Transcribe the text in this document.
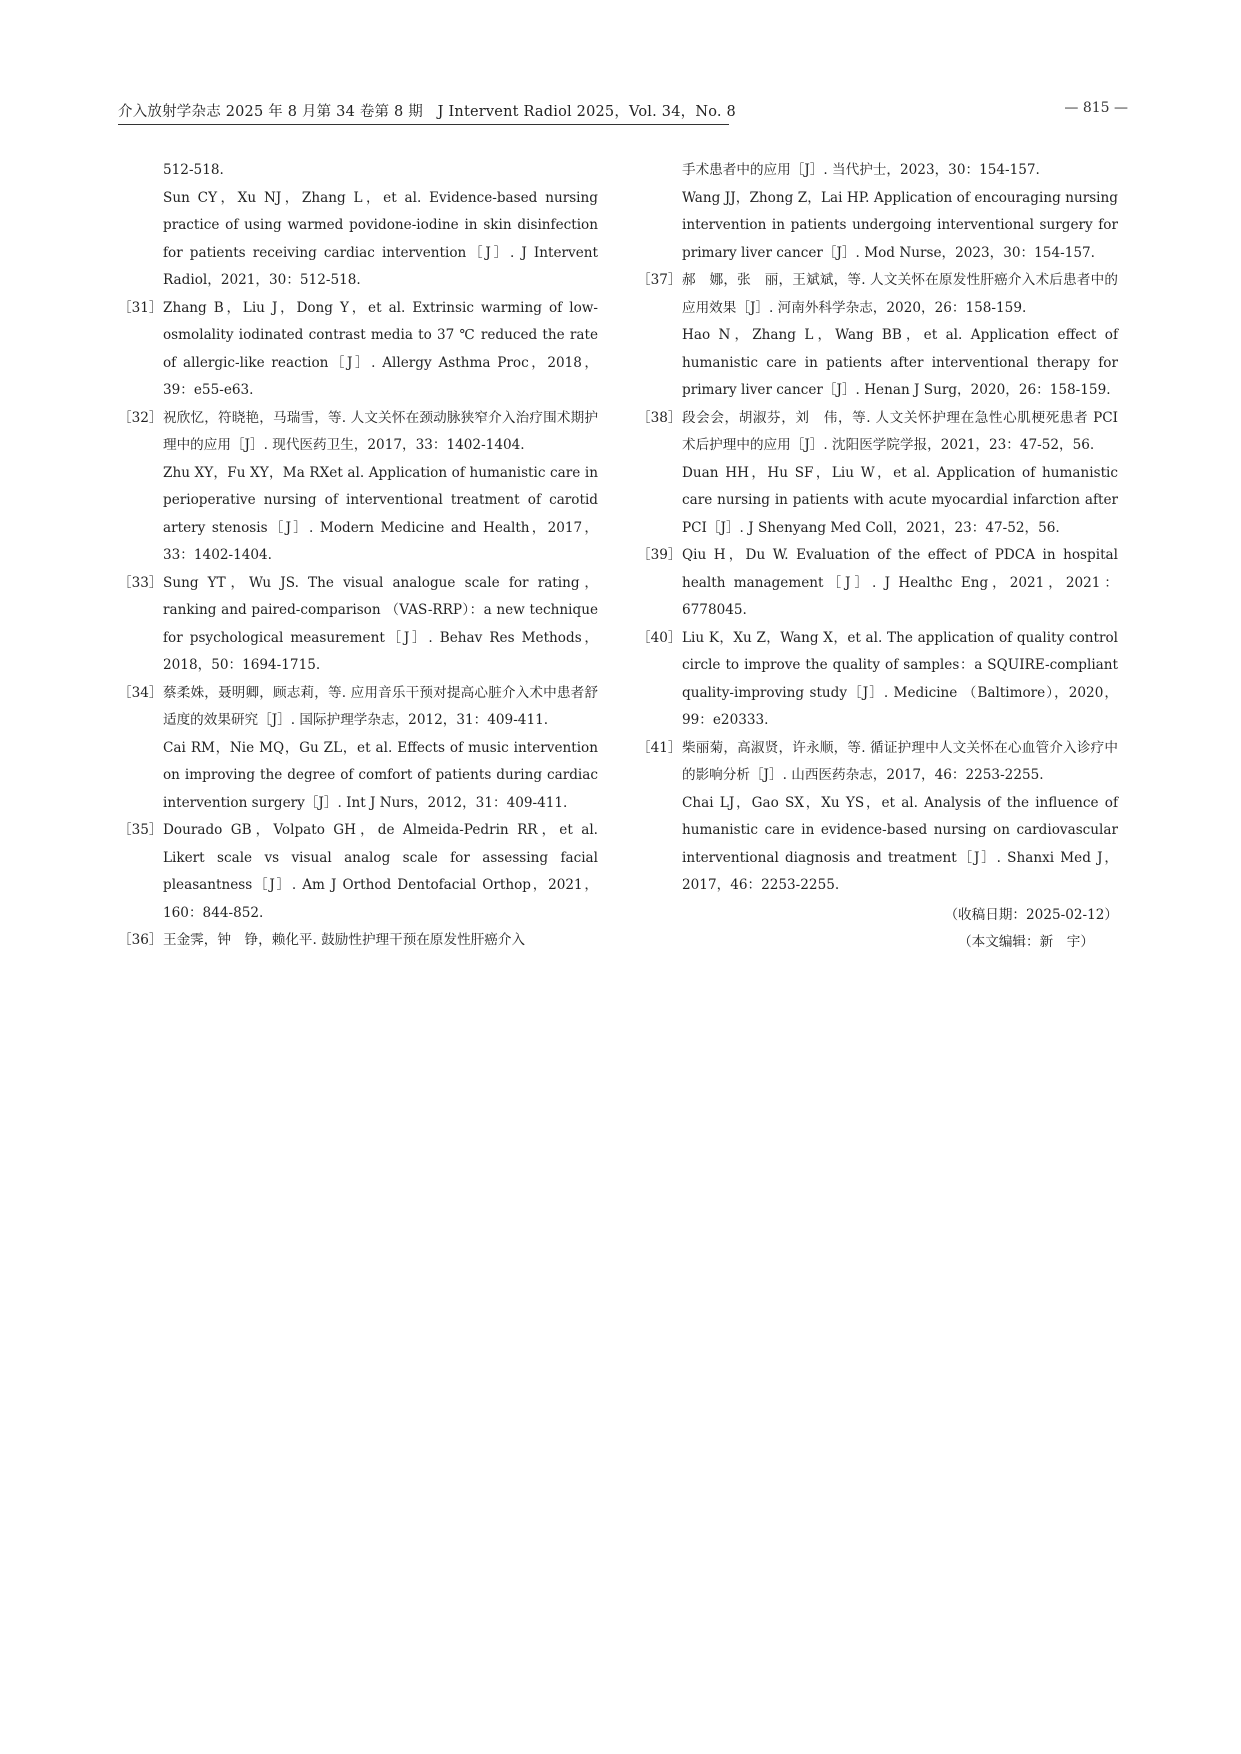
介入放射学杂志 2025 年 8 月第 34 卷第 8 期　J Intervent Radiol 2025，Vol. 34，No. 8	— 815 —

512-518.

Sun CY，Xu NJ，Zhang L，et al. Evidence-based nursing practice of using warmed povidone-iodine in skin disinfection for patients receiving cardiac intervention［J］. J Intervent Radiol，2021，30：512-518.

［31］ Zhang B，Liu J，Dong Y，et al. Extrinsic warming of low-osmolality iodinated contrast media to 37 ℃ reduced the rate of allergic-like reaction［J］. Allergy Asthma Proc，2018，39：e55-e63.

［32］ 祝欣忆，符晓艳，马瑞雪，等. 人文关怀在颈动脉狭窄介入治疗围术期护理中的应用［J］. 现代医药卫生，2017，33：1402-1404.

Zhu XY，Fu XY，Ma RXet al. Application of humanistic care in perioperative nursing of interventional treatment of carotid artery stenosis［J］. Modern Medicine and Health，2017，33：1402-1404.

［33］ Sung YT，Wu JS. The visual analogue scale for rating，ranking and paired-comparison （VAS-RRP）：a new technique for psychological measurement［J］. Behav Res Methods，2018，50：1694-1715.

［34］ 蔡柔姝，聂明卿，顾志莉，等. 应用音乐干预对提高心脏介入术中患者舒适度的效果研究［J］. 国际护理学杂志，2012，31：409-411.

Cai RM，Nie MQ，Gu ZL，et al. Effects of music intervention on improving the degree of comfort of patients during cardiac intervention surgery［J］. Int J Nurs，2012，31：409-411.

［35］ Dourado GB，Volpato GH，de Almeida-Pedrin RR，et al. Likert scale vs visual analog scale for assessing facial pleasantness［J］. Am J Orthod Dentofacial Orthop，2021，160：844-852.

［36］ 王金霁，钟　铮，赖化平. 鼓励性护理干预在原发性肝癌介入

手术患者中的应用［J］. 当代护士，2023，30：154-157.

Wang JJ，Zhong Z，Lai HP. Application of encouraging nursing intervention in patients undergoing interventional surgery for primary liver cancer［J］. Mod Nurse，2023，30：154-157.

［37］ 郝　娜，张　丽，王斌斌，等. 人文关怀在原发性肝癌介入术后患者中的应用效果［J］. 河南外科学杂志，2020，26：158-159.

Hao N，Zhang L，Wang BB，et al. Application effect of humanistic care in patients after interventional therapy for primary liver cancer［J］. Henan J Surg，2020，26：158-159.

［38］ 段会会，胡淑芬，刘　伟，等. 人文关怀护理在急性心肌梗死患者 PCI 术后护理中的应用［J］. 沈阳医学院学报，2021，23：47-52，56.

Duan HH，Hu SF，Liu W，et al. Application of humanistic care nursing in patients with acute myocardial infarction after PCI［J］. J Shenyang Med Coll，2021，23：47-52，56.

［39］ Qiu H，Du W. Evaluation of the effect of PDCA in hospital health management［J］. J Healthc Eng，2021，2021：6778045.

［40］ Liu K，Xu Z，Wang X，et al. The application of quality control circle to improve the quality of samples：a SQUIRE-compliant quality-improving study［J］. Medicine （Baltimore），2020，99：e20333.

［41］ 柴丽菊，高淑贤，许永顺，等. 循证护理中人文关怀在心血管介入诊疗中的影响分析［J］. 山西医药杂志，2017，46：2253-2255.

Chai LJ，Gao SX，Xu YS，et al. Analysis of the influence of humanistic care in evidence-based nursing on cardiovascular interventional diagnosis and treatment［J］. Shanxi Med J，2017，46：2253-2255.

（收稿日期：2025-02-12）
（本文编辑：新　宇）
